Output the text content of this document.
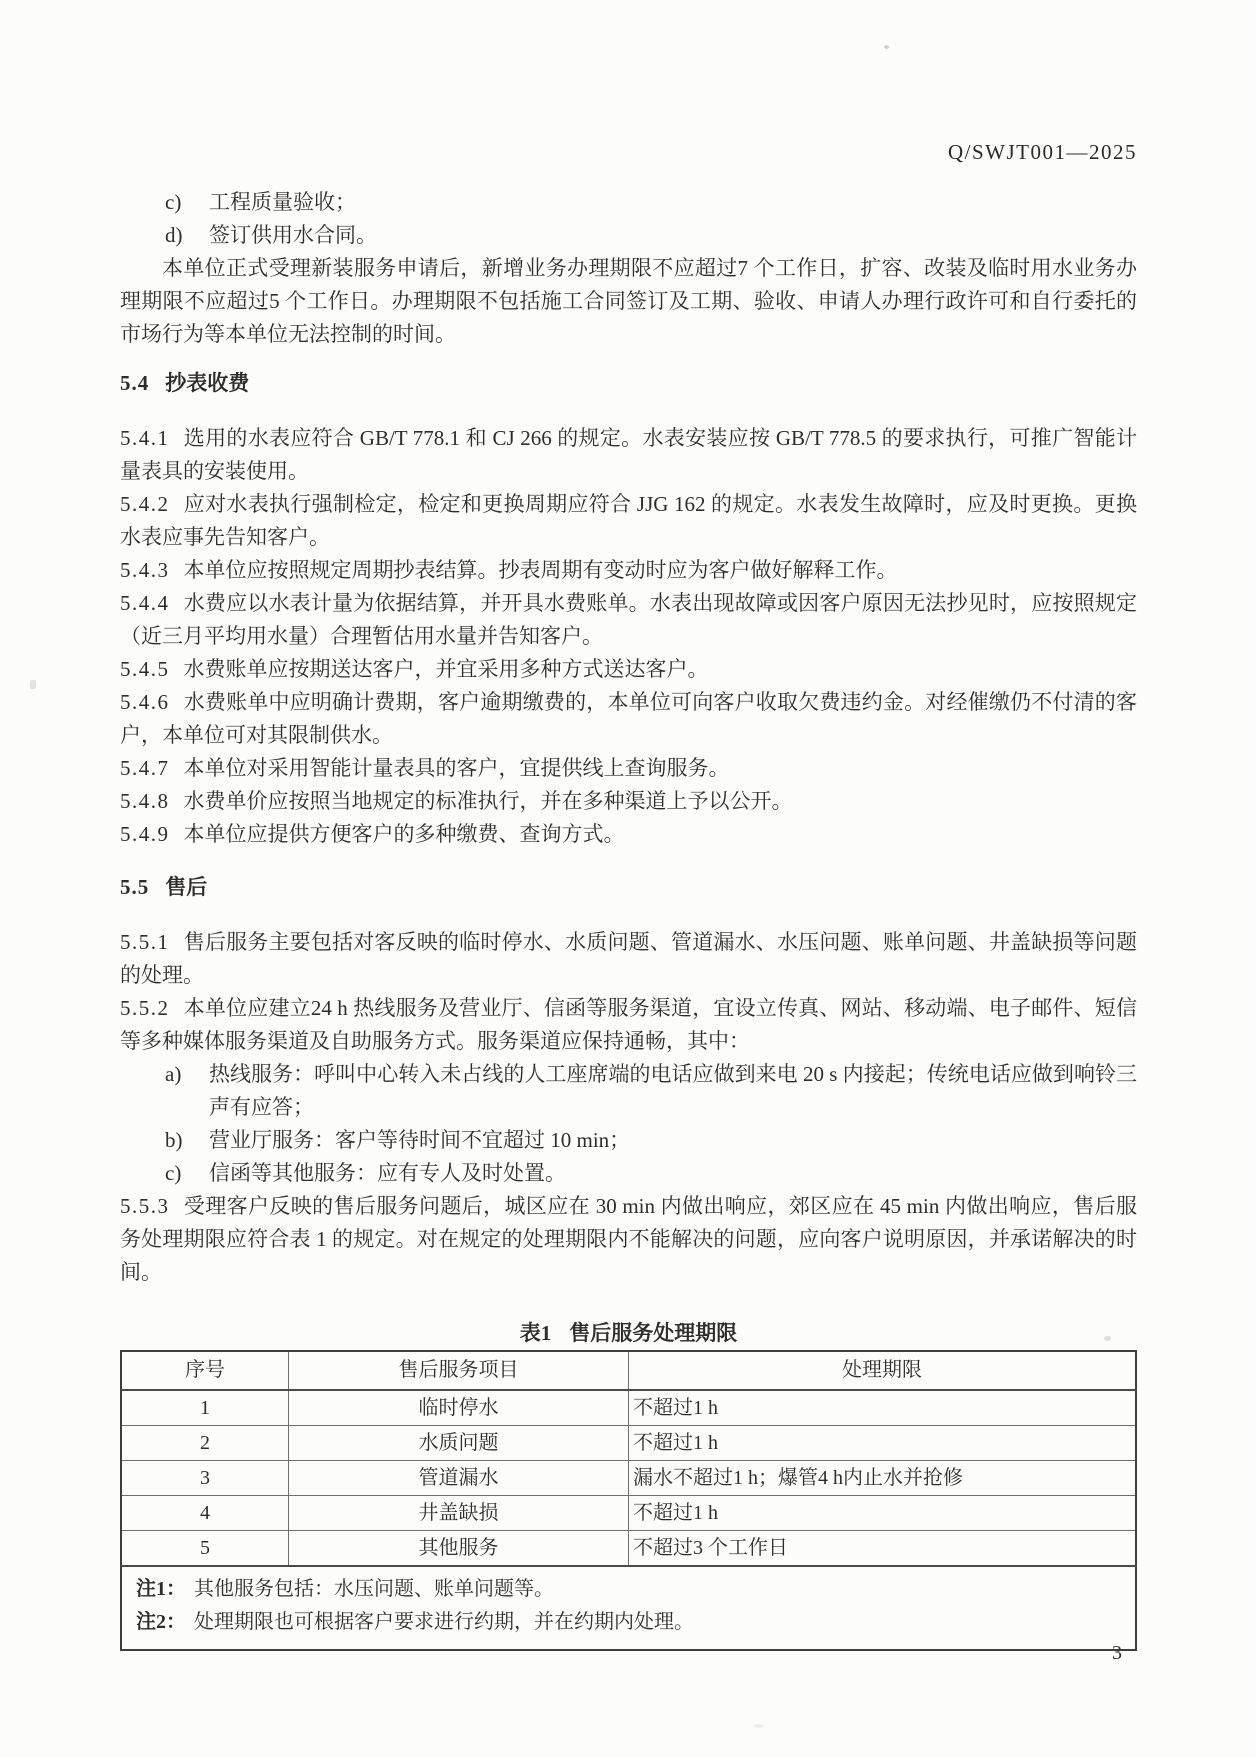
Q/SWJT001—2025
c)	工程质量验收；
d)	签订供用水合同。

本单位正式受理新装服务申请后，新增业务办理期限不应超过7 个工作日，扩容、改装及临时用水业务办理期限不应超过5 个工作日。办理期限不包括施工合同签订及工期、验收、申请人办理行政许可和自行委托的市场行为等本单位无法控制的时间。

5.4 抄表收费

5.4.1 选用的水表应符合 GB/T 778.1 和 CJ 266 的规定。水表安装应按 GB/T 778.5 的要求执行，可推广智能计量表具的安装使用。

5.4.2 应对水表执行强制检定，检定和更换周期应符合 JJG 162 的规定。水表发生故障时，应及时更换。更换水表应事先告知客户。

5.4.3 本单位应按照规定周期抄表结算。抄表周期有变动时应为客户做好解释工作。

5.4.4 水费应以水表计量为依据结算，并开具水费账单。水表出现故障或因客户原因无法抄见时，应按照规定（近三月平均用水量）合理暂估用水量并告知客户。

5.4.5 水费账单应按期送达客户，并宜采用多种方式送达客户。

5.4.6 水费账单中应明确计费期，客户逾期缴费的，本单位可向客户收取欠费违约金。对经催缴仍不付清的客户，本单位可对其限制供水。

5.4.7 本单位对采用智能计量表具的客户，宜提供线上查询服务。

5.4.8 水费单价应按照当地规定的标准执行，并在多种渠道上予以公开。

5.4.9 本单位应提供方便客户的多种缴费、查询方式。

5.5 售后

5.5.1 售后服务主要包括对客反映的临时停水、水质问题、管道漏水、水压问题、账单问题、井盖缺损等问题的处理。

5.5.2 本单位应建立24 h 热线服务及营业厅、信函等服务渠道，宜设立传真、网站、移动端、电子邮件、短信等多种媒体服务渠道及自助服务方式。服务渠道应保持通畅，其中：

a)	热线服务：呼叫中心转入未占线的人工座席端的电话应做到来电 20 s 内接起；传统电话应做到响铃三声有应答；
b)	营业厅服务：客户等待时间不宜超过 10 min；
c)	信函等其他服务：应有专人及时处置。

5.5.3 受理客户反映的售后服务问题后，城区应在 30 min 内做出响应，郊区应在 45 min 内做出响应，售后服务处理期限应符合表 1 的规定。对在规定的处理期限内不能解决的问题，应向客户说明原因，并承诺解决的时间。

表1 售后服务处理期限
序号	售后服务项目	处理期限
1	临时停水	不超过1 h
2	水质问题	不超过1 h
3	管道漏水	漏水不超过1 h；爆管4 h内止水并抢修
4	井盖缺损	不超过1 h
5	其他服务	不超过3 个工作日

注1： 其他服务包括：水压问题、账单问题等。
注2： 处理期限也可根据客户要求进行约期，并在约期内处理。		
3
